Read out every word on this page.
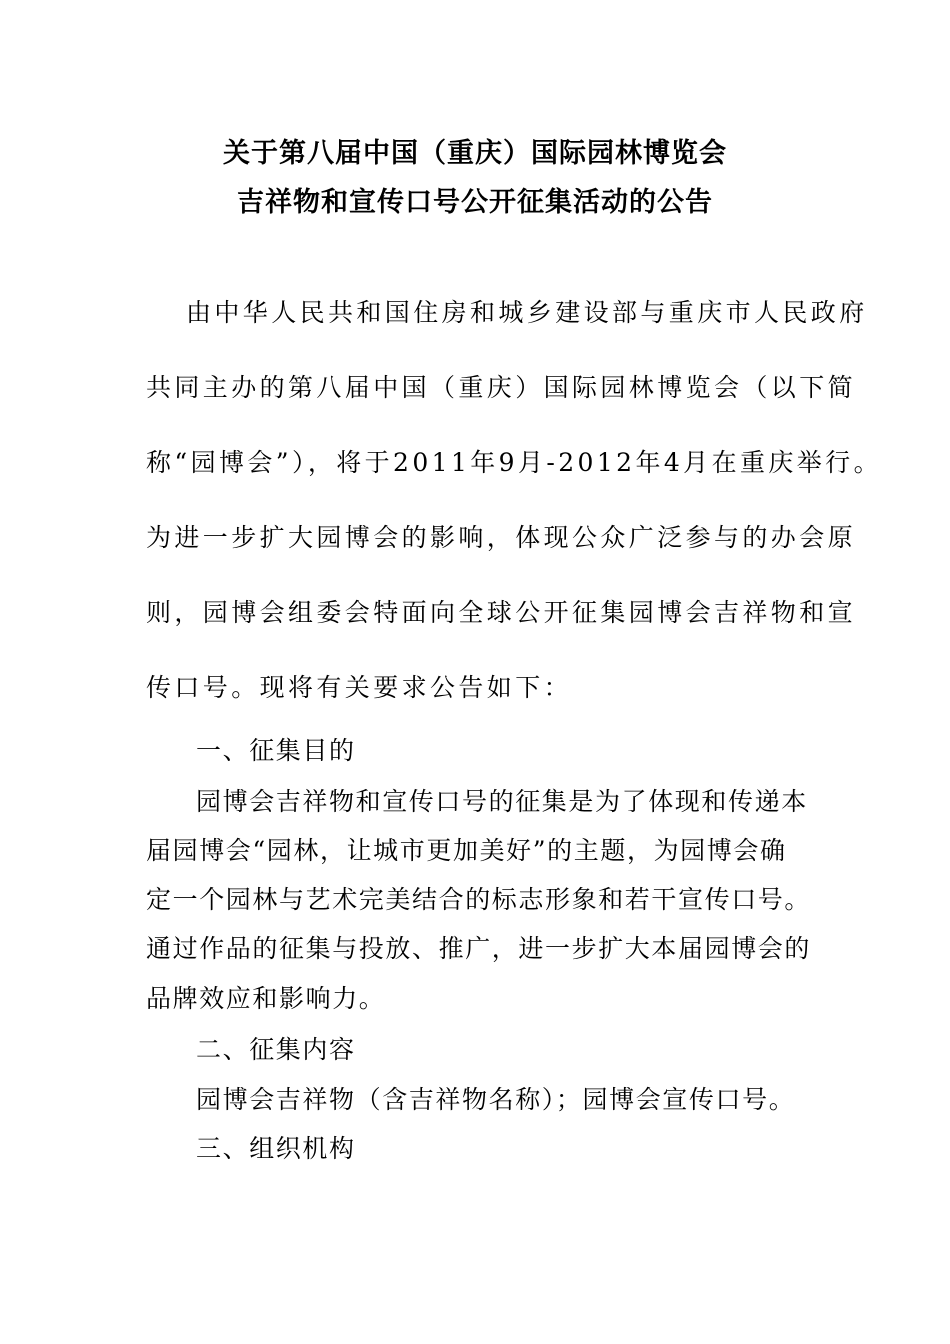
关于第八届中国（重庆）国际园林博览会
吉祥物和宣传口号公开征集活动的公告
由中华人民共和国住房和城乡建设部与重庆市人民政府
共同主办的第八届中国（重庆）国际园林博览会（以下简
称“园博会”），将于2011年9月-2012年4月在重庆举行。
为进一步扩大园博会的影响，体现公众广泛参与的办会原
则，园博会组委会特面向全球公开征集园博会吉祥物和宣
传口号。现将有关要求公告如下：
一、征集目的
园博会吉祥物和宣传口号的征集是为了体现和传递本
届园博会“园林，让城市更加美好”的主题，为园博会确
定一个园林与艺术完美结合的标志形象和若干宣传口号。
通过作品的征集与投放、推广，进一步扩大本届园博会的
品牌效应和影响力。
二、征集内容
园博会吉祥物（含吉祥物名称）；园博会宣传口号。
三、组织机构
